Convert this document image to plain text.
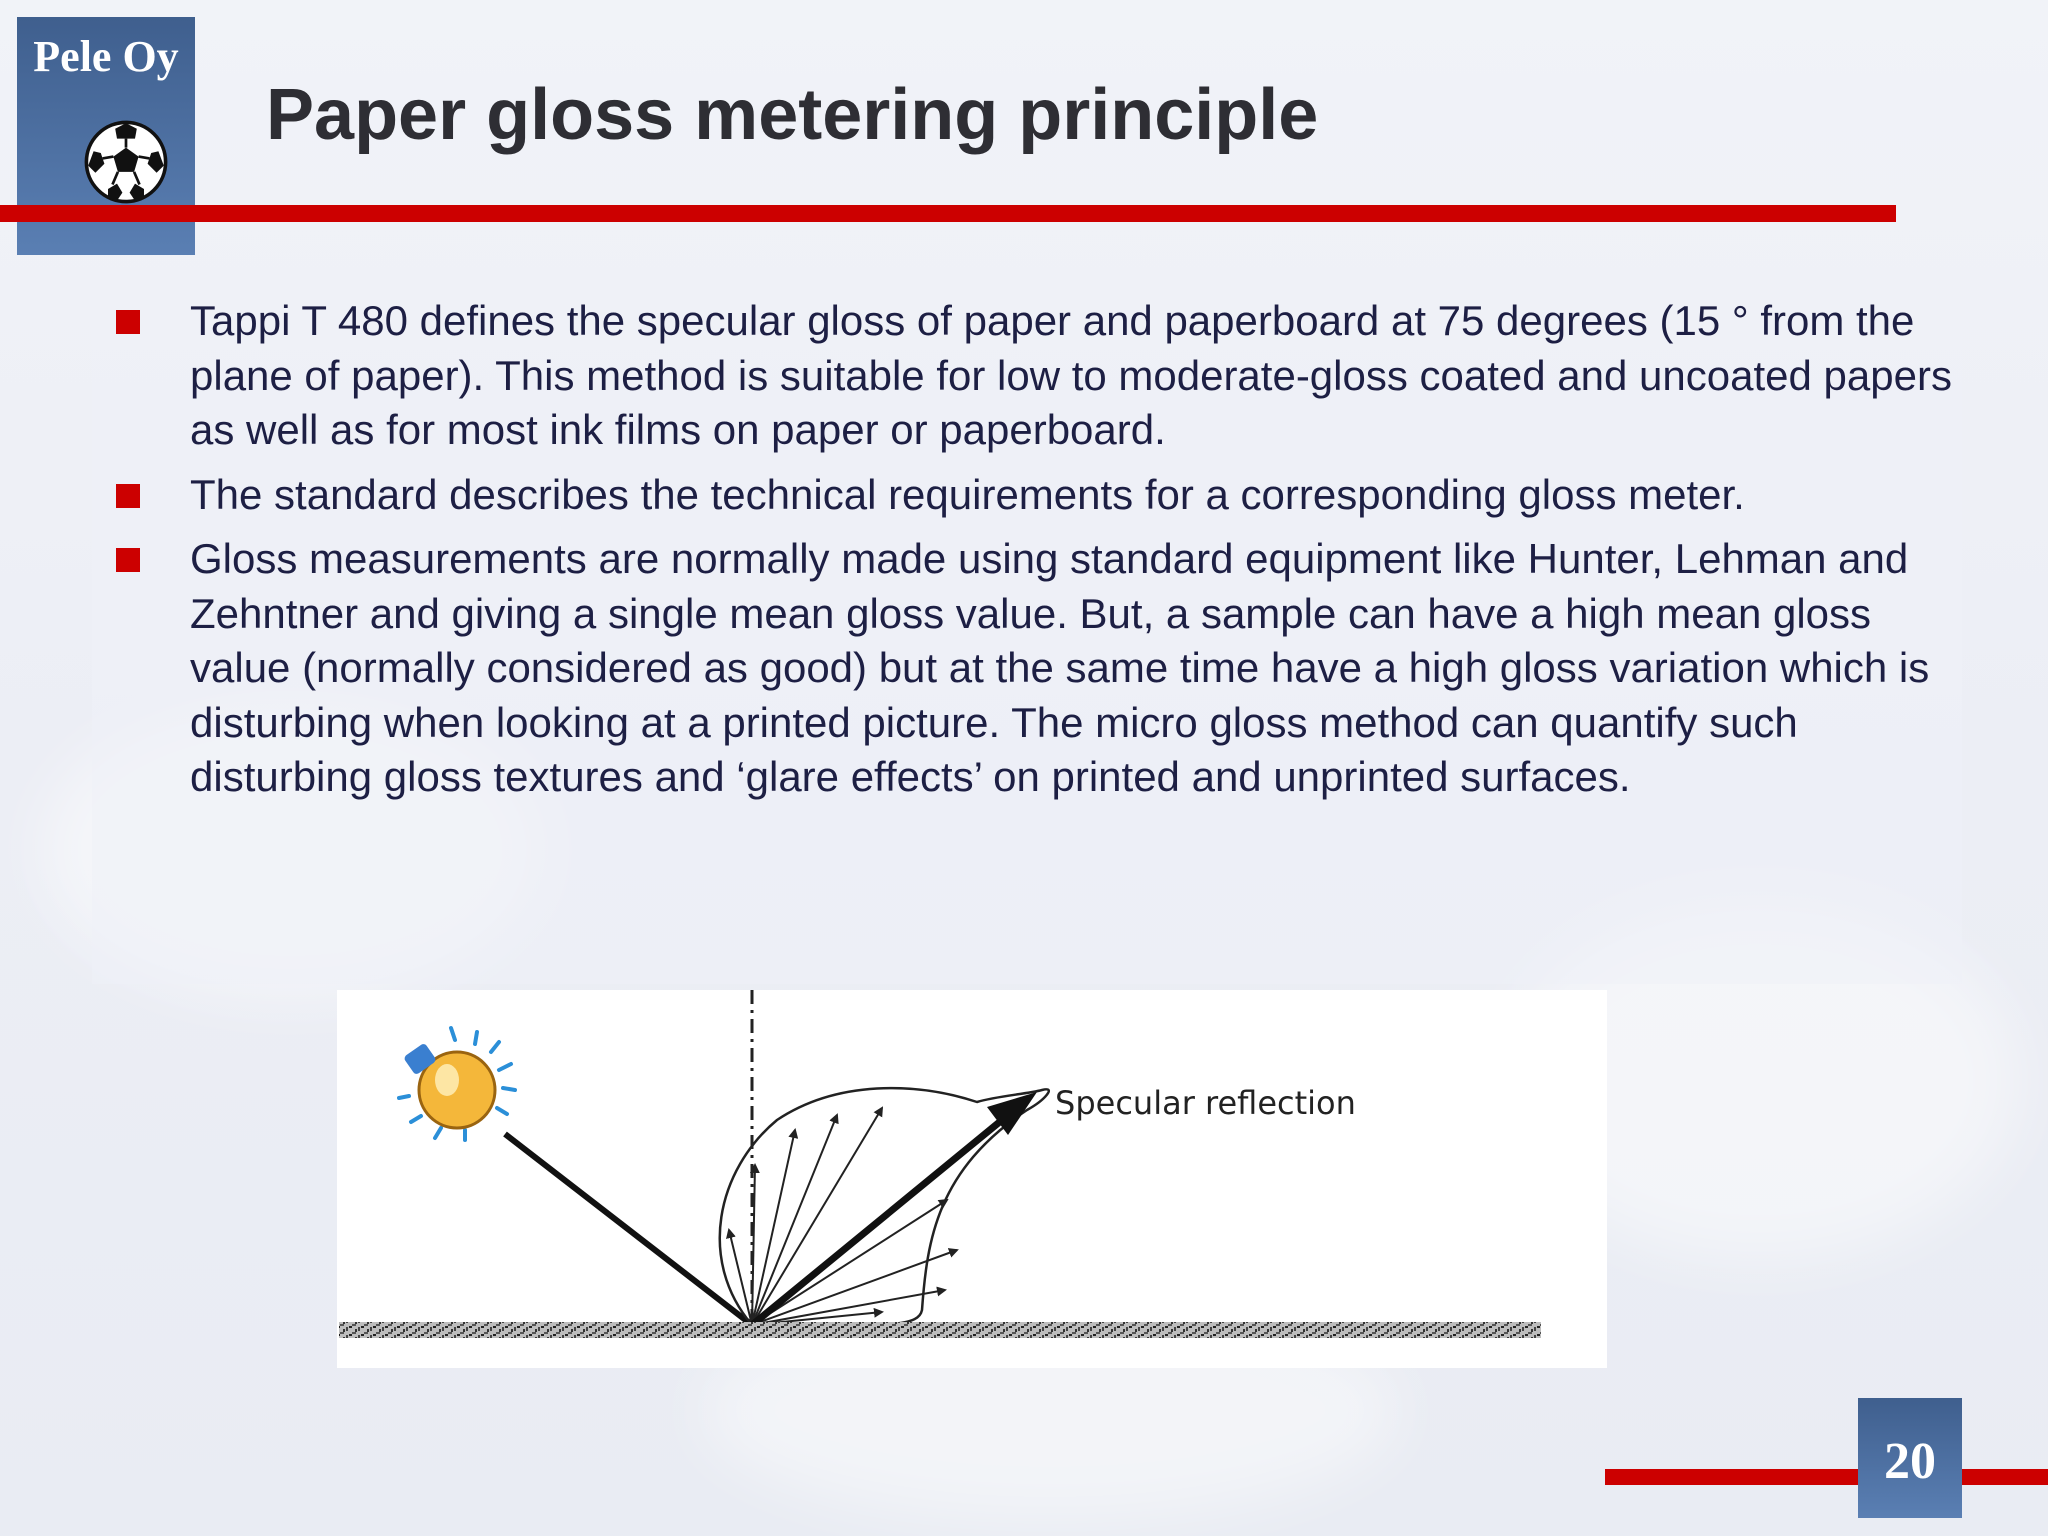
Pele Oy
Paper gloss metering principle
Tappi T 480 defines the specular gloss of paper and paperboard at 75 degrees (15 ° from the plane of paper). This method is suitable for low to moderate-gloss coated and uncoated papers as well as for most ink films on paper or paperboard.
The standard describes the technical requirements for a corresponding gloss meter.
Gloss measurements are normally made using standard equipment like Hunter, Lehman and Zehntner and giving a single mean gloss value. But, a sample can have a high mean gloss value (normally considered as good) but at the same time have a high gloss variation which is disturbing when looking at a printed picture. The micro gloss method can quantify such disturbing gloss textures and ‘glare effects’ on printed and unprinted surfaces.
Specular reflection
20
